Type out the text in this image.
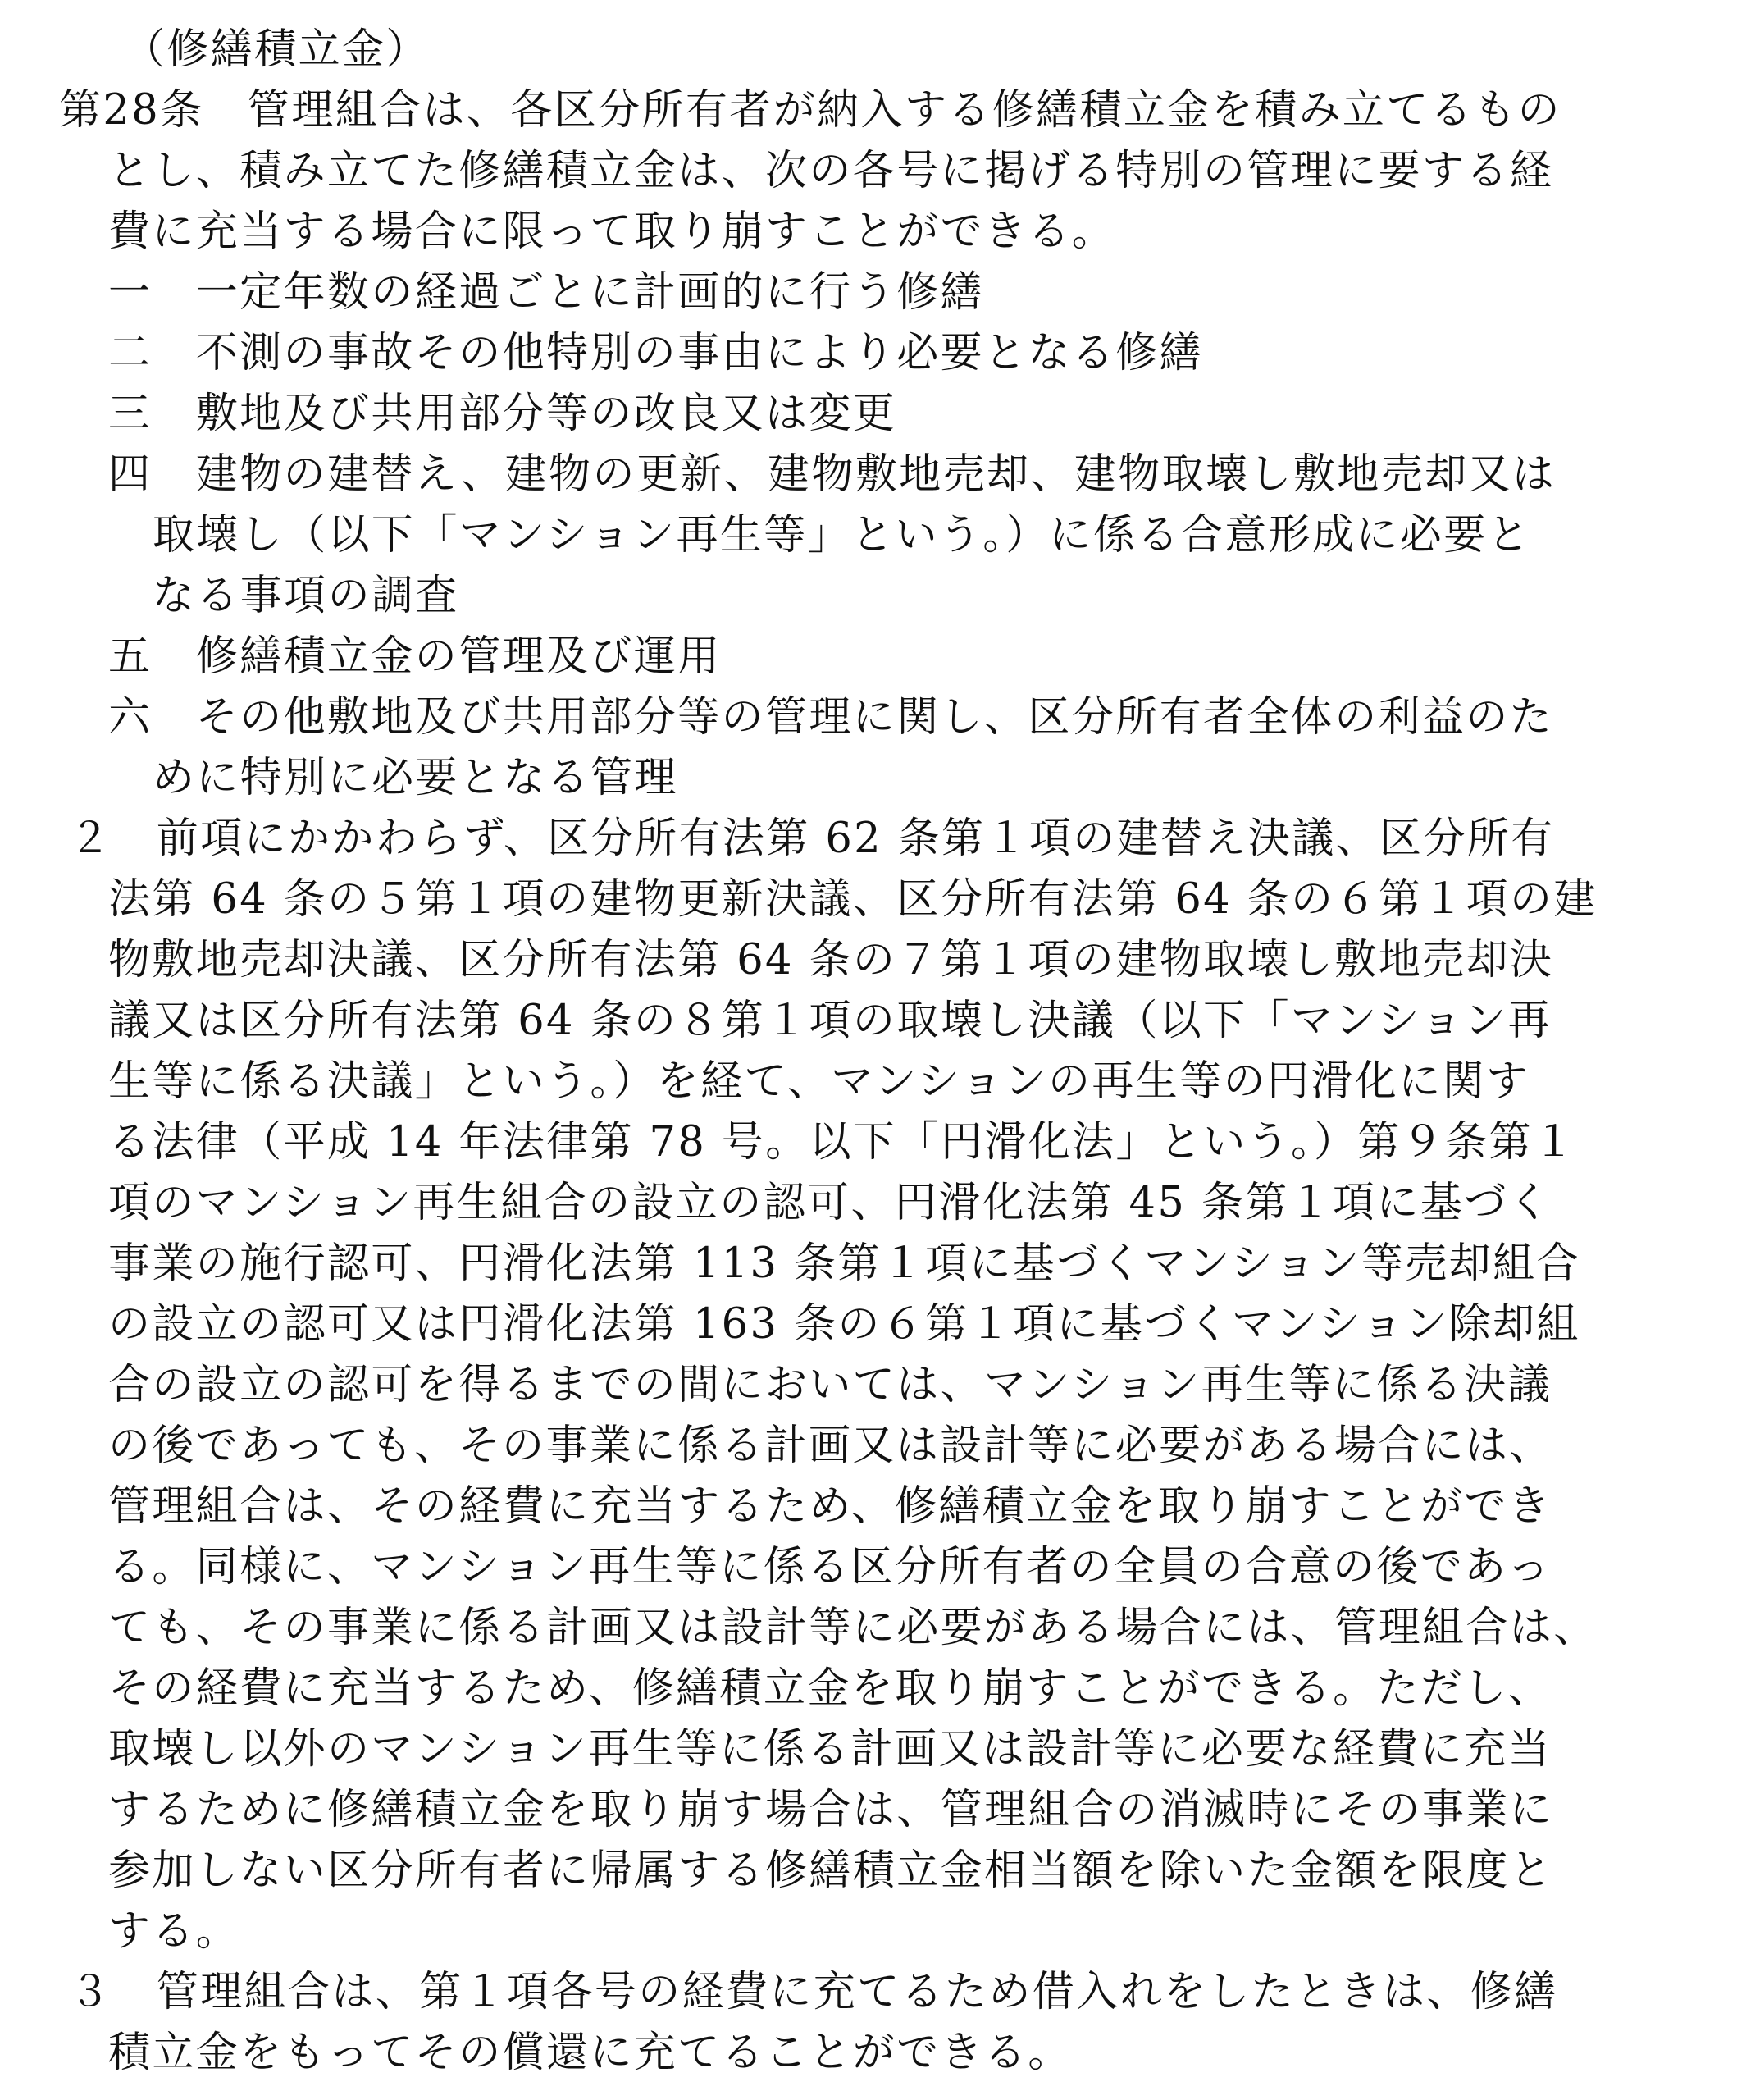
（修繕積立金）
第28条　管理組合は、各区分所有者が納入する修繕積立金を積み立てるもの
とし、積み立てた修繕積立金は、次の各号に掲げる特別の管理に要する経
費に充当する場合に限って取り崩すことができる。
一　一定年数の経過ごとに計画的に行う修繕
二　不測の事故その他特別の事由により必要となる修繕
三　敷地及び共用部分等の改良又は変更
四　建物の建替え、建物の更新、建物敷地売却、建物取壊し敷地売却又は
取壊し（以下「マンション再生等」という。）に係る合意形成に必要と
なる事項の調査
五　修繕積立金の管理及び運用
六　その他敷地及び共用部分等の管理に関し、区分所有者全体の利益のた
めに特別に必要となる管理
２　前項にかかわらず、区分所有法第 62 条第１項の建替え決議、区分所有
法第 64 条の５第１項の建物更新決議、区分所有法第 64 条の６第１項の建
物敷地売却決議、区分所有法第 64 条の７第１項の建物取壊し敷地売却決
議又は区分所有法第 64 条の８第１項の取壊し決議（以下「マンション再
生等に係る決議」という。）を経て、マンションの再生等の円滑化に関す
る法律（平成 14 年法律第 78 号。以下「円滑化法」という。）第９条第１
項のマンション再生組合の設立の認可、円滑化法第 45 条第１項に基づく
事業の施行認可、円滑化法第 113 条第１項に基づくマンション等売却組合
の設立の認可又は円滑化法第 163 条の６第１項に基づくマンション除却組
合の設立の認可を得るまでの間においては、マンション再生等に係る決議
の後であっても、その事業に係る計画又は設計等に必要がある場合には、
管理組合は、その経費に充当するため、修繕積立金を取り崩すことができ
る。同様に、マンション再生等に係る区分所有者の全員の合意の後であっ
ても、その事業に係る計画又は設計等に必要がある場合には、管理組合は、
その経費に充当するため、修繕積立金を取り崩すことができる。ただし、
取壊し以外のマンション再生等に係る計画又は設計等に必要な経費に充当
するために修繕積立金を取り崩す場合は、管理組合の消滅時にその事業に
参加しない区分所有者に帰属する修繕積立金相当額を除いた金額を限度と
する。
３　管理組合は、第１項各号の経費に充てるため借入れをしたときは、修繕
積立金をもってその償還に充てることができる。
